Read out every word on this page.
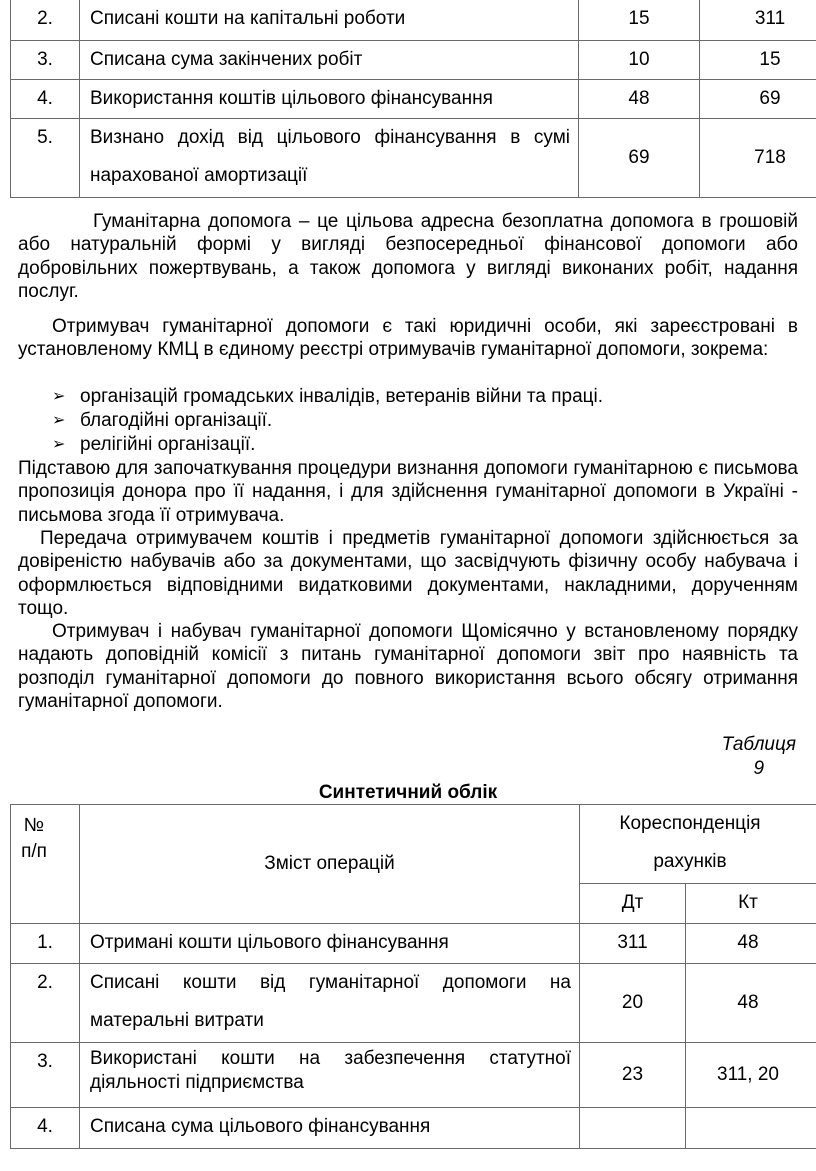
2.	Списані кошти на капітальні роботи	15	311
3.	Списана сума закінчених робіт	10	15
4.	Використання коштів цільового фінансування	48	69
5.	Визнано дохід від цільового фінансування в сумі нарахованої амортизації	69	718

Гуманітарна допомога – це цільова адресна безоплатна допомога в грошовій або натуральній формі у вигляді безпосередньої фінансової допомоги або добровільних пожертвувань, а також допомога у вигляді виконаних робіт, надання послуг.

Отримувач гуманітарної допомоги є такі юридичні особи, які зареєстровані в установленому КМЦ в єдиному реєстрі отримувачів гуманітарної допомоги, зокрема:

➢ організацій громадських інвалідів, ветеранів війни та праці.
➢ благодійні організації.
➢ релігійні організації.

Підставою для започаткування процедури визнання допомоги гуманітарною є письмова пропозиція донора про її надання, і для здійснення гуманітарної допомоги в Україні - письмова згода її отримувача.

Передача отримувачем коштів і предметів гуманітарної допомоги здійснюється за довіреністю набувачів або за документами, що засвідчують фізичну особу набувача і оформлюється відповідними видатковими документами, накладними, дорученням тощо.

Отримувач і набувач гуманітарної допомоги Щомісячно у встановленому порядку надають доповідній комісії з питань гуманітарної допомоги звіт про наявність та розподіл гуманітарної допомоги до повного використання всього обсягу отримання гуманітарної допомоги.

Таблиця
9
Синтетичний облік
№ п/п	Зміст операцій	Кореспонденція рахунків	
		Дт	Кт
1.	Отримані кошти цільового фінансування	311	48
2.	Списані кошти від гуманітарної допомоги на матеральні витрати	20	48
3.	Використані кошти на забезпечення статутної діяльності підприємства	23	311, 20
4.	Списана сума цільового фінансування		
